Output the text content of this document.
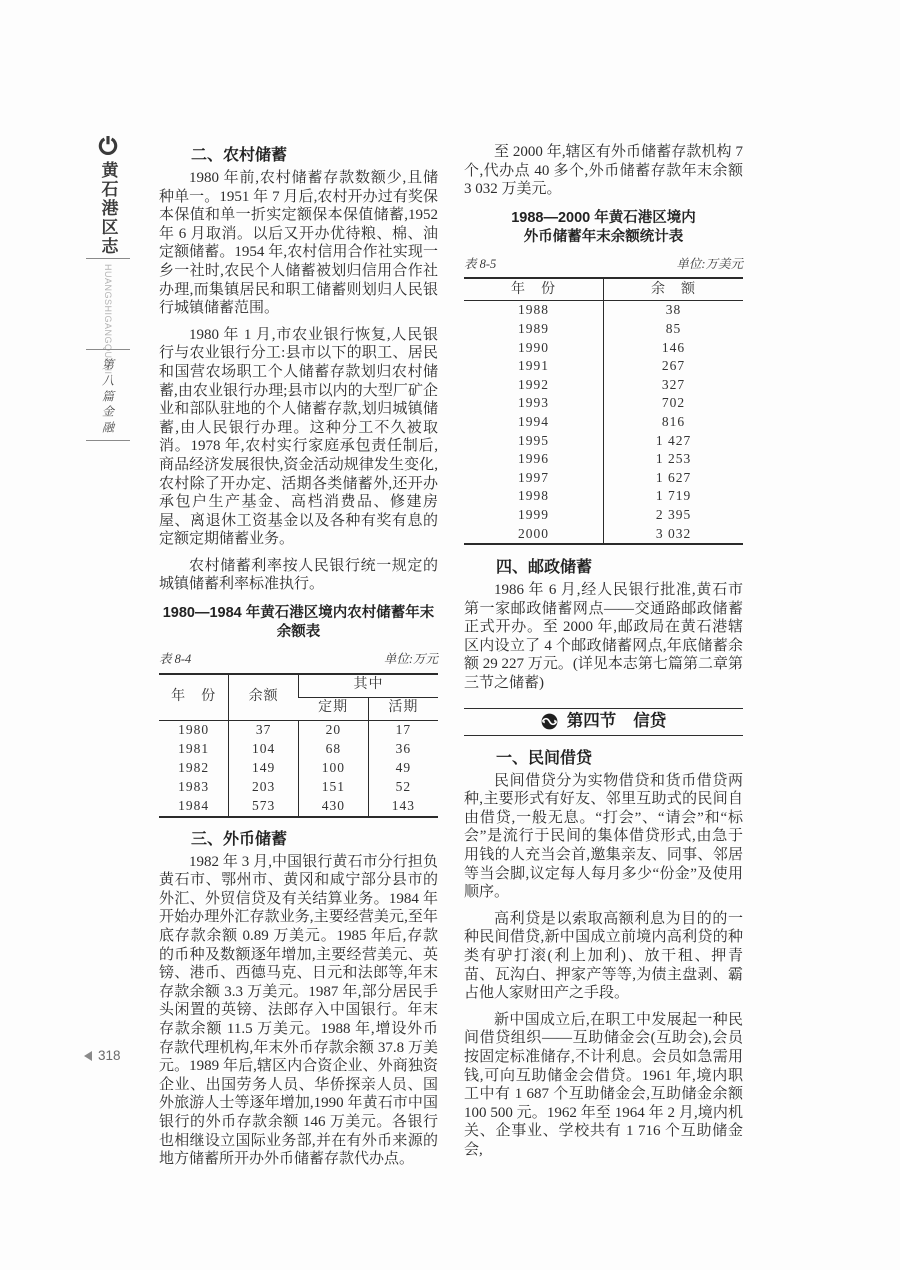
黄石港区志
HUANGSHIGANGQUZHI
第八篇
金融
318
二、农村储蓄

1980 年前,农村储蓄存款数额少,且储种单一。1951 年 7 月后,农村开办过有奖保本保值和单一折实定额保本保值储蓄,1952 年 6 月取消。以后又开办优待粮、棉、油定额储蓄。1954 年,农村信用合作社实现一乡一社时,农民个人储蓄被划归信用合作社办理,而集镇居民和职工储蓄则划归人民银行城镇储蓄范围。

1980 年 1 月,市农业银行恢复,人民银行与农业银行分工:县市以下的职工、居民和国营农场职工个人储蓄存款划归农村储蓄,由农业银行办理;县市以内的大型厂矿企业和部队驻地的个人储蓄存款,划归城镇储蓄,由人民银行办理。这种分工不久被取消。1978 年,农村实行家庭承包责任制后,商品经济发展很快,资金活动规律发生变化,农村除了开办定、活期各类储蓄外,还开办承包户生产基金、高档消费品、修建房屋、离退休工资基金以及各种有奖有息的定额定期储蓄业务。

农村储蓄利率按人民银行统一规定的城镇储蓄利率标准执行。

1980—1984 年黄石港区境内农村储蓄年末余额表
表 8-4	单位:万元
年　份	余额	其中	
		定期	活期
1980	37	20	17
1981	104	68	36
1982	149	100	49
1983	203	151	52
1984	573	430	143
三、外币储蓄

1982 年 3 月,中国银行黄石市分行担负黄石市、鄂州市、黄冈和咸宁部分县市的外汇、外贸信贷及有关结算业务。1984 年开始办理外汇存款业务,主要经营美元,至年底存款余额 0.89 万美元。1985 年后,存款的币种及数额逐年增加,主要经营美元、英镑、港币、西德马克、日元和法郎等,年末存款余额 3.3 万美元。1987 年,部分居民手头闲置的英镑、法郎存入中国银行。年末存款余额 11.5 万美元。1988 年,增设外币存款代理机构,年末外币存款余额 37.8 万美元。1989 年后,辖区内合资企业、外商独资企业、出国劳务人员、华侨探亲人员、国外旅游人士等逐年增加,1990 年黄石市中国银行的外币存款余额 146 万美元。各银行也相继设立国际业务部,并在有外币来源的地方储蓄所开办外币储蓄存款代办点。

至 2000 年,辖区有外币储蓄存款机构 7 个,代办点 40 多个,外币储蓄存款年末余额 3 032 万美元。

1988—2000 年黄石港区境内
外币储蓄年末余额统计表
表 8-5	单位:万美元
年　份	余　额
1988	38
1989	85
1990	146
1991	267
1992	327
1993	702
1994	816
1995	1 427
1996	1 253
1997	1 627
1998	1 719
1999	2 395
2000	3 032
四、邮政储蓄

1986 年 6 月,经人民银行批准,黄石市第一家邮政储蓄网点——交通路邮政储蓄正式开办。至 2000 年,邮政局在黄石港辖区内设立了 4 个邮政储蓄网点,年底储蓄余额 29 227 万元。(详见本志第七篇第二章第三节之储蓄)

第四节 信贷
一、民间借贷

民间借贷分为实物借贷和货币借贷两种,主要形式有好友、邻里互助式的民间自由借贷,一般无息。“打会”、“请会”和“标会”是流行于民间的集体借贷形式,由急于用钱的人充当会首,邀集亲友、同事、邻居等当会脚,议定每人每月多少“份金”及使用顺序。

高利贷是以索取高额利息为目的的一种民间借贷,新中国成立前境内高利贷的种类有驴打滚(利上加利)、放干租、押青苗、瓦沟白、押家产等等,为债主盘剥、霸占他人家财田产之手段。

新中国成立后,在职工中发展起一种民间借贷组织——互助储金会(互助会),会员按固定标准储存,不计利息。会员如急需用钱,可向互助储金会借贷。1961 年,境内职工中有 1 687 个互助储金会,互助储金余额 100 500 元。1962 年至 1964 年 2 月,境内机关、企事业、学校共有 1 716 个互助储金会,
